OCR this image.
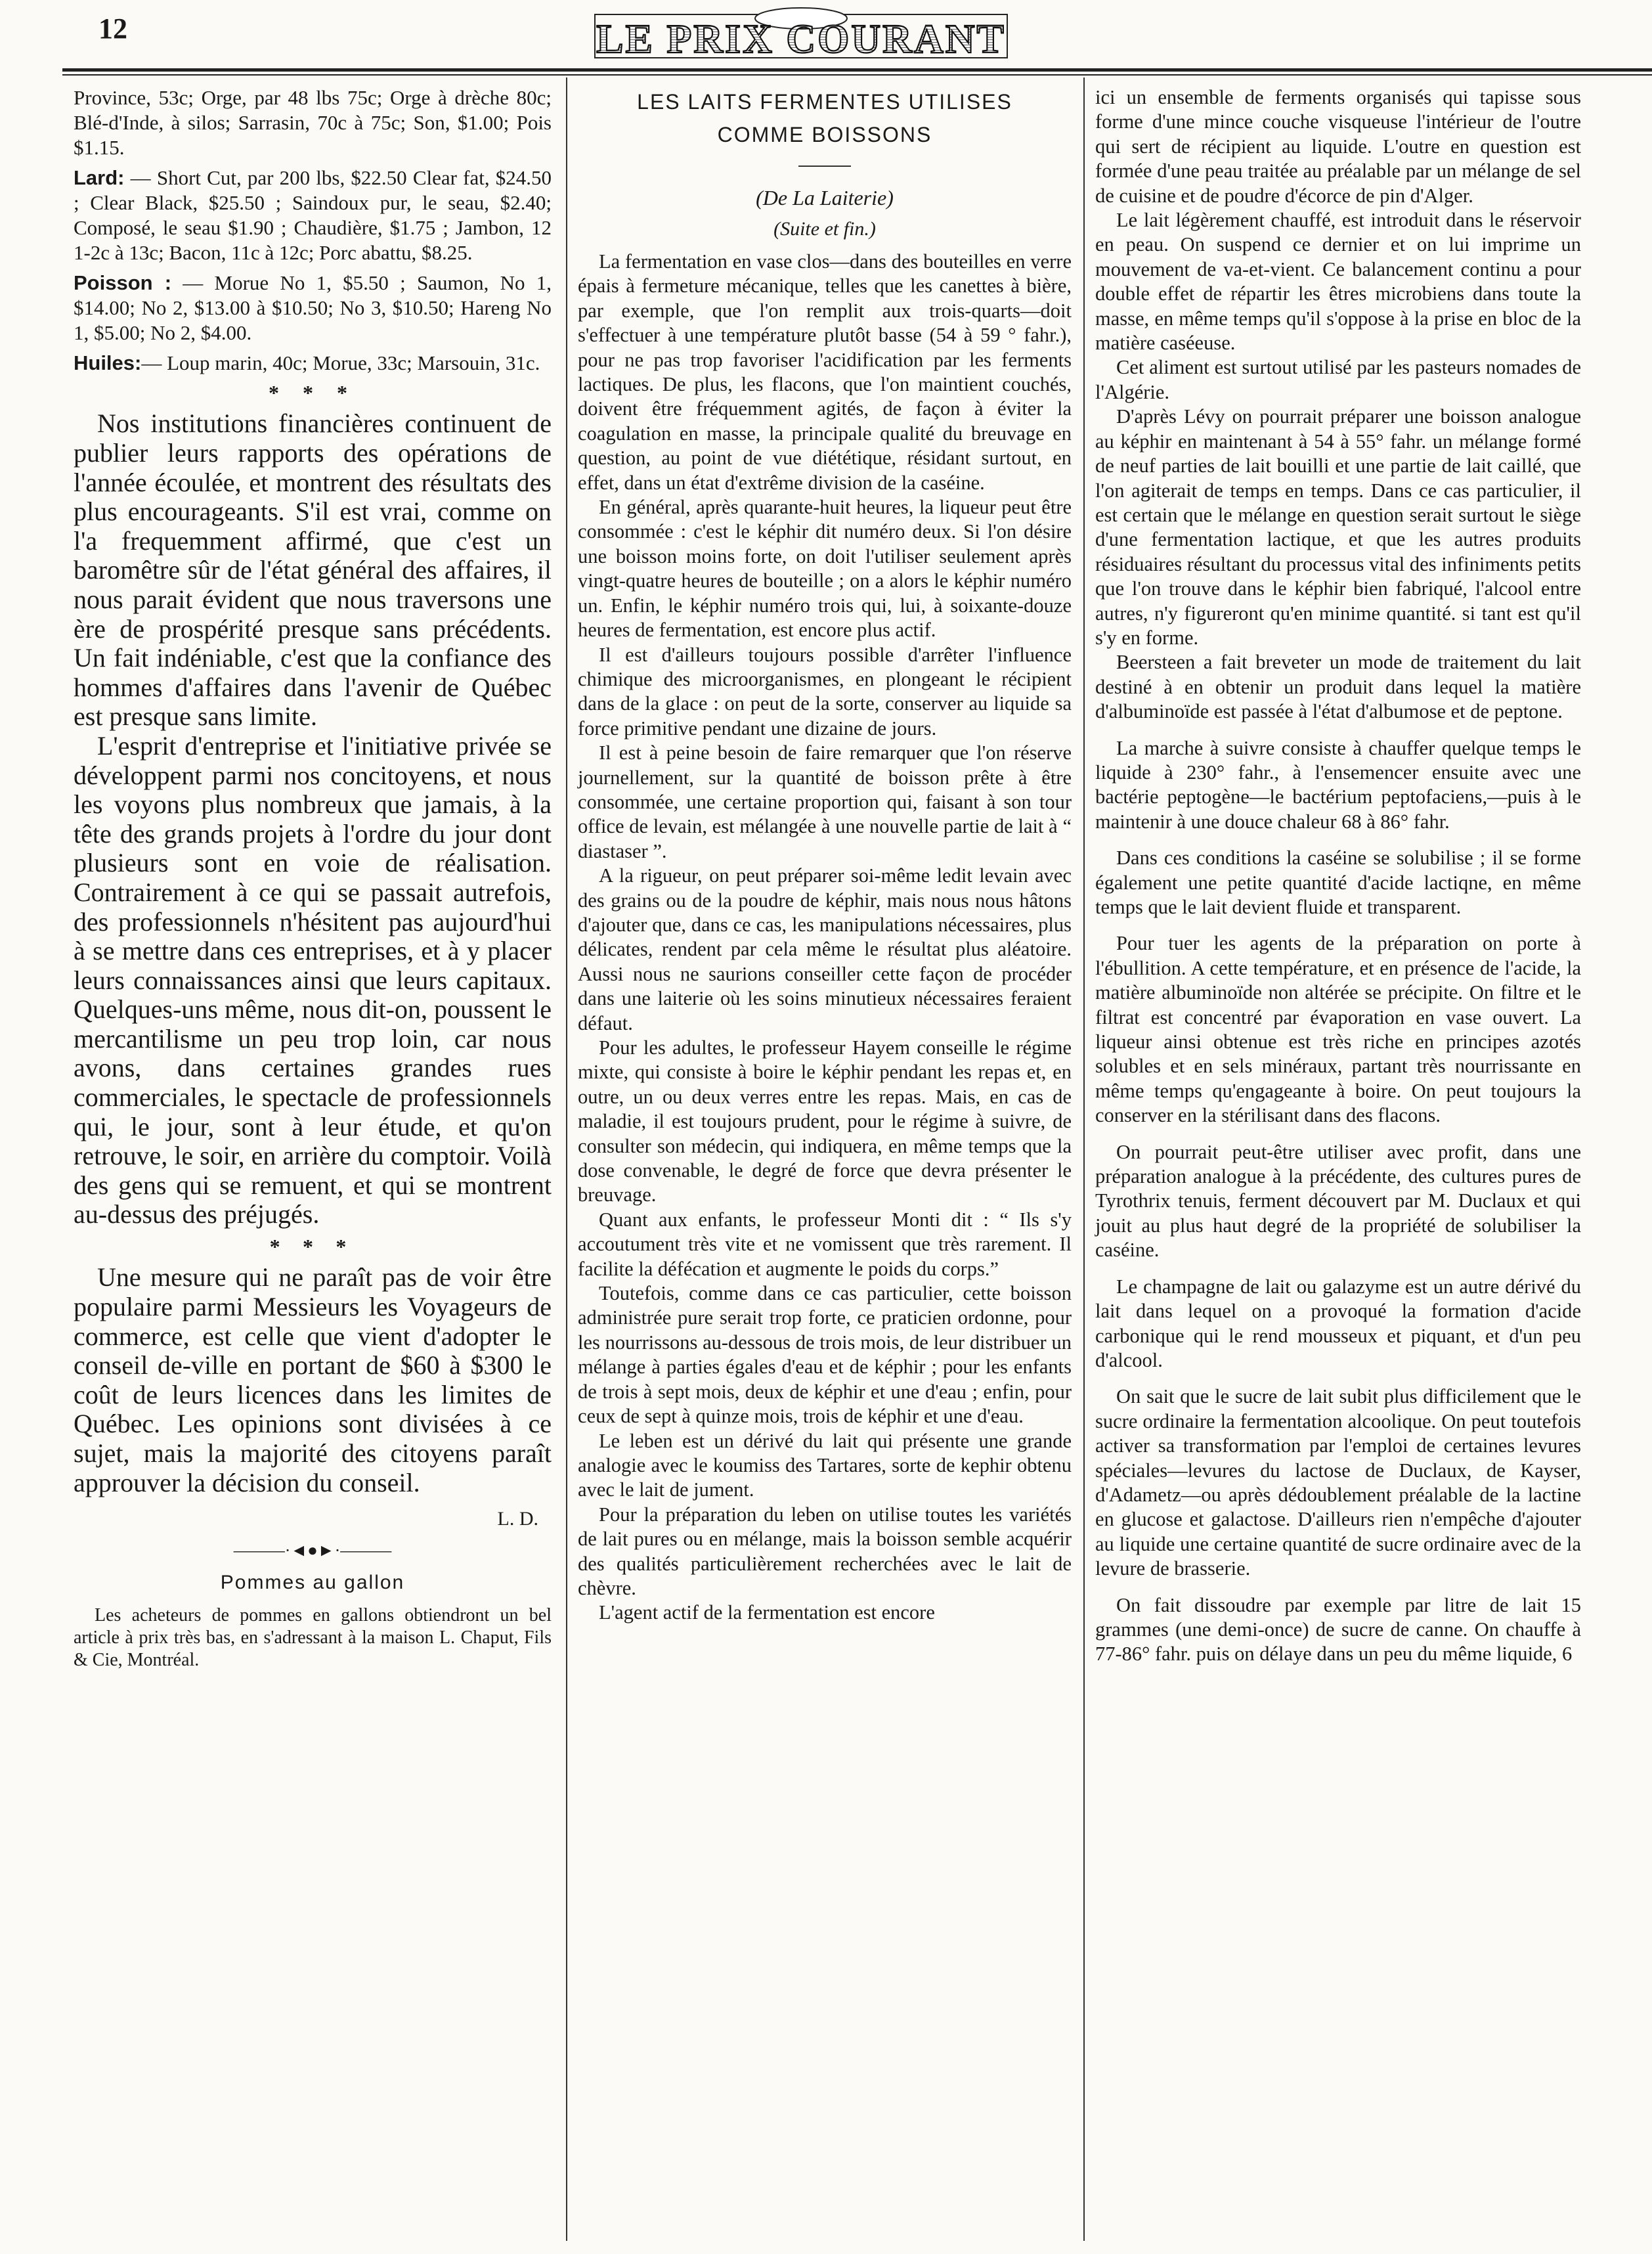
12	LE PRIX COURANT

Province, 53c; Orge, par 48 lbs 75c; Orge à drèche 80c; Blé-d'Inde, à silos; Sarrasin, 70c à 75c; Son, $1.00; Pois $1.15.

Lard: — Short Cut, par 200 lbs, $22.50 Clear fat, $24.50 ; Clear Black, $25.50 ; Saindoux pur, le seau, $2.40; Composé, le seau $1.90 ; Chaudière, $1.75 ; Jambon, 12 1-2c à 13c; Bacon, 11c à 12c; Porc abattu, $8.25.

Poisson : — Morue No 1, $5.50 ; Saumon, No 1, $14.00; No 2, $13.00 à $10.50; No 3, $10.50; Hareng No 1, $5.00; No 2, $4.00.

Huiles:— Loup marin, 40c; Morue, 33c; Marsouin, 31c.

* * *

Nos institutions financières continuent de publier leurs rapports des opérations de l'année écoulée, et montrent des résultats des plus encourageants. S'il est vrai, comme on l'a frequemment affirmé, que c'est un baromêtre sûr de l'état général des affaires, il nous parait évident que nous traversons une ère de prospérité presque sans précédents. Un fait indéniable, c'est que la confiance des hommes d'affaires dans l'avenir de Québec est presque sans limite.

L'esprit d'entreprise et l'initiative privée se développent parmi nos concitoyens, et nous les voyons plus nombreux que jamais, à la tête des grands projets à l'ordre du jour dont plusieurs sont en voie de réalisation. Contrairement à ce qui se passait autrefois, des professionnels n'hésitent pas aujourd'hui à se mettre dans ces entreprises, et à y placer leurs connaissances ainsi que leurs capitaux. Quelques-uns même, nous dit-on, poussent le mercantilisme un peu trop loin, car nous avons, dans certaines grandes rues commerciales, le spectacle de professionnels qui, le jour, sont à leur étude, et qu'on retrouve, le soir, en arrière du comptoir. Voilà des gens qui se remuent, et qui se montrent au-dessus des préjugés.

* * *

Une mesure qui ne paraît pas de voir être populaire parmi Messieurs les Voyageurs de commerce, est celle que vient d'adopter le conseil de-ville en portant de $60 à $300 le coût de leurs licences dans les limites de Québec. Les opinions sont divisées à ce sujet, mais la majorité des citoyens paraît approuver la décision du conseil.

L. D.
———·◄●►·———
Pommes au gallon

Les acheteurs de pommes en gallons obtiendront un bel article à prix très bas, en s'adressant à la maison L. Chaput, Fils & Cie, Montréal.

LES LAITS FERMENTES UTILISES
COMME BOISSONS
(De La Laiterie)
(Suite et fin.)

La fermentation en vase clos—dans des bouteilles en verre épais à fermeture mécanique, telles que les canettes à bière, par exemple, que l'on remplit aux trois-quarts—doit s'effectuer à une température plutôt basse (54 à 59 ° fahr.), pour ne pas trop favoriser l'acidification par les ferments lactiques. De plus, les flacons, que l'on maintient couchés, doivent être fréquemment agités, de façon à éviter la coagulation en masse, la principale qualité du breuvage en question, au point de vue diététique, résidant surtout, en effet, dans un état d'extrême division de la caséine.

En général, après quarante-huit heures, la liqueur peut être consommée : c'est le képhir dit numéro deux. Si l'on désire une boisson moins forte, on doit l'utiliser seulement après vingt-quatre heures de bouteille ; on a alors le képhir numéro un. Enfin, le képhir numéro trois qui, lui, à soixante-douze heures de fermentation, est encore plus actif.

Il est d'ailleurs toujours possible d'arrêter l'influence chimique des microorganismes, en plongeant le récipient dans de la glace : on peut de la sorte, conserver au liquide sa force primitive pendant une dizaine de jours.

Il est à peine besoin de faire remarquer que l'on réserve journellement, sur la quantité de boisson prête à être consommée, une certaine proportion qui, faisant à son tour office de levain, est mélangée à une nouvelle partie de lait à “ diastaser ”.

A la rigueur, on peut préparer soi-même ledit levain avec des grains ou de la poudre de képhir, mais nous nous hâtons d'ajouter que, dans ce cas, les manipulations nécessaires, plus délicates, rendent par cela même le résultat plus aléatoire. Aussi nous ne saurions conseiller cette façon de procéder dans une laiterie où les soins minutieux nécessaires feraient défaut.

Pour les adultes, le professeur Hayem conseille le régime mixte, qui consiste à boire le képhir pendant les repas et, en outre, un ou deux verres entre les repas. Mais, en cas de maladie, il est toujours prudent, pour le régime à suivre, de consulter son médecin, qui indiquera, en même temps que la dose convenable, le degré de force que devra présenter le breuvage.

Quant aux enfants, le professeur Monti dit : “ Ils s'y accoutument très vite et ne vomissent que très rarement. Il facilite la défécation et augmente le poids du corps.”

Toutefois, comme dans ce cas particulier, cette boisson administrée pure serait trop forte, ce praticien ordonne, pour les nourrissons au-dessous de trois mois, de leur distribuer un mélange à parties égales d'eau et de képhir ; pour les enfants de trois à sept mois, deux de képhir et une d'eau ; enfin, pour ceux de sept à quinze mois, trois de képhir et une d'eau.

Le leben est un dérivé du lait qui présente une grande analogie avec le koumiss des Tartares, sorte de kephir obtenu avec le lait de jument.

Pour la préparation du leben on utilise toutes les variétés de lait pures ou en mélange, mais la boisson semble acquérir des qualités particulièrement recherchées avec le lait de chèvre.

L'agent actif de la fermentation est encore

ici un ensemble de ferments organisés qui tapisse sous forme d'une mince couche visqueuse l'intérieur de l'outre qui sert de récipient au liquide. L'outre en question est formée d'une peau traitée au préalable par un mélange de sel de cuisine et de poudre d'écorce de pin d'Alger.

Le lait légèrement chauffé, est introduit dans le réservoir en peau. On suspend ce dernier et on lui imprime un mouvement de va-et-vient. Ce balancement continu a pour double effet de répartir les êtres microbiens dans toute la masse, en même temps qu'il s'oppose à la prise en bloc de la matière caséeuse.

Cet aliment est surtout utilisé par les pasteurs nomades de l'Algérie.

D'après Lévy on pourrait préparer une boisson analogue au képhir en maintenant à 54 à 55° fahr. un mélange formé de neuf parties de lait bouilli et une partie de lait caillé, que l'on agiterait de temps en temps. Dans ce cas particulier, il est certain que le mélange en question serait surtout le siège d'une fermentation lactique, et que les autres produits résiduaires résultant du processus vital des infiniments petits que l'on trouve dans le képhir bien fabriqué, l'alcool entre autres, n'y figureront qu'en minime quantité. si tant est qu'il s'y en forme.

Beersteen a fait breveter un mode de traitement du lait destiné à en obtenir un produit dans lequel la matière d'albuminoïde est passée à l'état d'albumose et de peptone.

La marche à suivre consiste à chauffer quelque temps le liquide à 230° fahr., à l'ensemencer ensuite avec une bactérie peptogène—le bactérium peptofaciens,—puis à le maintenir à une douce chaleur 68 à 86° fahr.

Dans ces conditions la caséine se solubilise ; il se forme également une petite quantité d'acide lactiqne, en même temps que le lait devient fluide et transparent.

Pour tuer les agents de la préparation on porte à l'ébullition. A cette température, et en présence de l'acide, la matière albuminoïde non altérée se précipite. On filtre et le filtrat est concentré par évaporation en vase ouvert. La liqueur ainsi obtenue est très riche en principes azotés solubles et en sels minéraux, partant très nourrissante en même temps qu'engageante à boire. On peut toujours la conserver en la stérilisant dans des flacons.

On pourrait peut-être utiliser avec profit, dans une préparation analogue à la précédente, des cultures pures de Tyrothrix tenuis, ferment découvert par M. Duclaux et qui jouit au plus haut degré de la propriété de solubiliser la caséine.

Le champagne de lait ou galazyme est un autre dérivé du lait dans lequel on a provoqué la formation d'acide carbonique qui le rend mousseux et piquant, et d'un peu d'alcool.

On sait que le sucre de lait subit plus difficilement que le sucre ordinaire la fermentation alcoolique. On peut toutefois activer sa transformation par l'emploi de certaines levures spéciales—levures du lactose de Duclaux, de Kayser, d'Adametz—ou après dédoublement préalable de la lactine en glucose et galactose. D'ailleurs rien n'empêche d'ajouter au liquide une certaine quantité de sucre ordinaire avec de la levure de brasserie.

On fait dissoudre par exemple par litre de lait 15 grammes (une demi-once) de sucre de canne. On chauffe à 77-86° fahr. puis on délaye dans un peu du même liquide, 6
